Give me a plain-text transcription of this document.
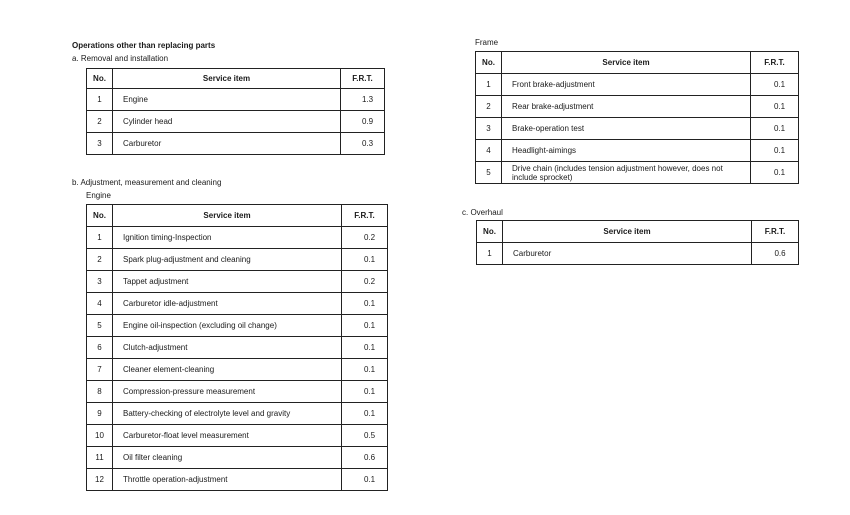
Operations other than replacing parts
a. Removal and installation
No.	Service item	F.R.T.
1	Engine	1.3
2	Cylinder head	0.9
3	Carburetor	0.3
b. Adjustment, measurement and cleaning
Engine
No.	Service item	F.R.T.
1	Ignition timing-Inspection	0.2
2	Spark plug-adjustment and cleaning	0.1
3	Tappet adjustment	0.2
4	Carburetor idle-adjustment	0.1
5	Engine oil-inspection (excluding oil change)	0.1
6	Clutch-adjustment	0.1
7	Cleaner element-cleaning	0.1
8	Compression-pressure measurement	0.1
9	Battery-checking of electrolyte level and gravity	0.1
10	Carburetor-float level measurement	0.5
11	Oil filter cleaning	0.6
12	Throttle operation-adjustment	0.1
Frame
No.	Service item	F.R.T.
1	Front brake-adjustment	0.1
2	Rear brake-adjustment	0.1
3	Brake-operation test	0.1
4	Headlight-aimings	0.1
5	Drive chain (includes tension adjustment however, does not include sprocket)	0.1
c. Overhaul
No.	Service item	F.R.T.
1	Carburetor	0.6
